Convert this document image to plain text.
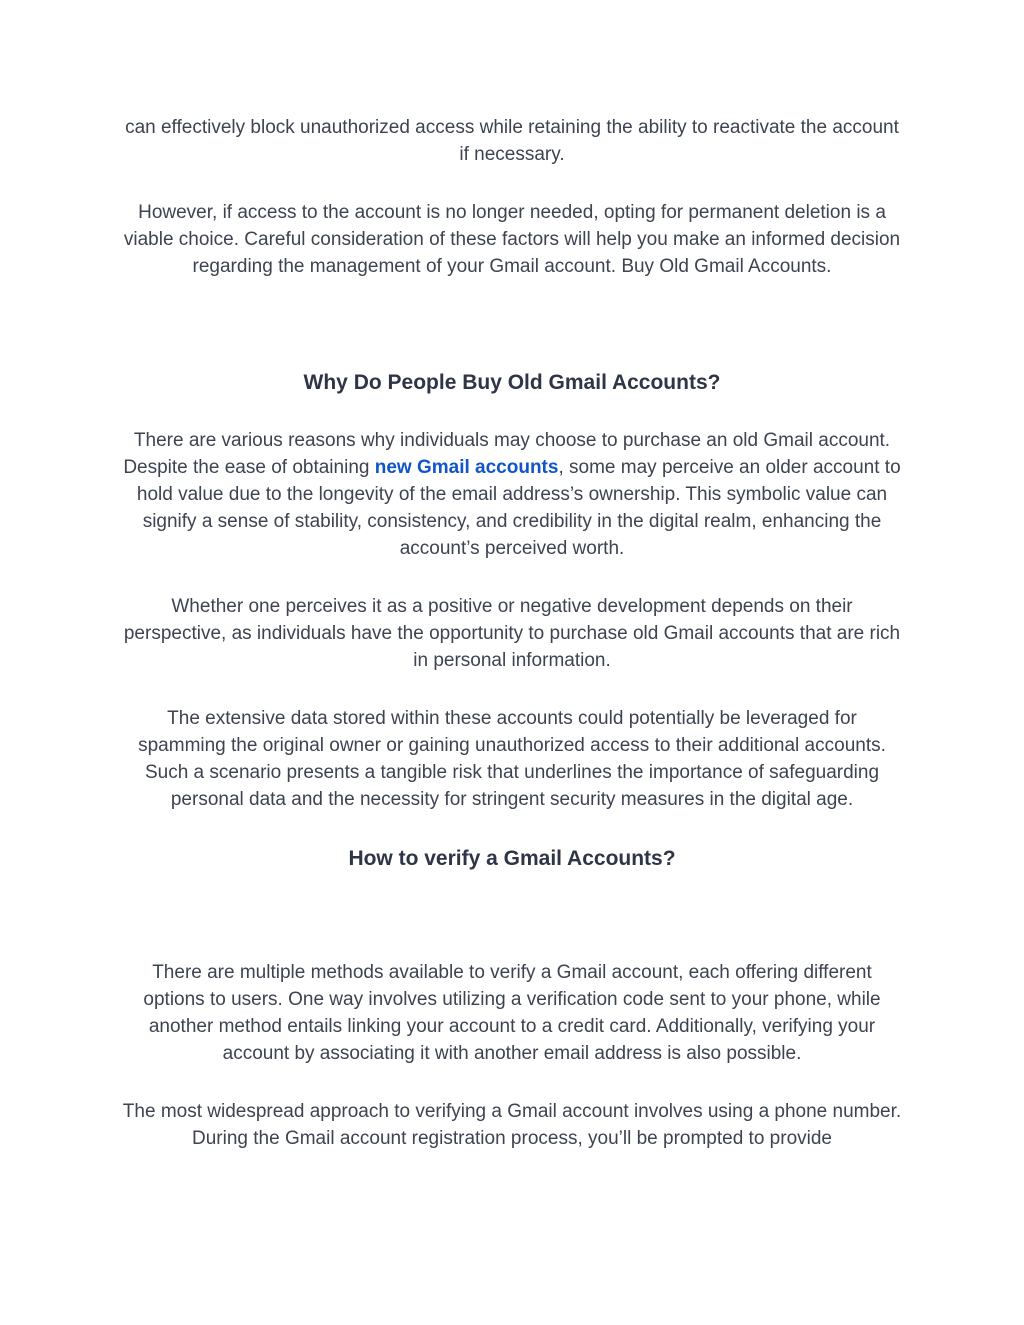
can effectively block unauthorized access while retaining the ability to reactivate the account if necessary.

However, if access to the account is no longer needed, opting for permanent deletion is a viable choice. Careful consideration of these factors will help you make an informed decision regarding the management of your Gmail account. Buy Old Gmail Accounts.

Why Do People Buy Old Gmail Accounts?

There are various reasons why individuals may choose to purchase an old Gmail account. Despite the ease of obtaining new Gmail accounts, some may perceive an older account to hold value due to the longevity of the email address’s ownership. This symbolic value can signify a sense of stability, consistency, and credibility in the digital realm, enhancing the account’s perceived worth.

Whether one perceives it as a positive or negative development depends on their perspective, as individuals have the opportunity to purchase old Gmail accounts that are rich in personal information.

The extensive data stored within these accounts could potentially be leveraged for spamming the original owner or gaining unauthorized access to their additional accounts. Such a scenario presents a tangible risk that underlines the importance of safeguarding personal data and the necessity for stringent security measures in the digital age.

How to verify a Gmail Accounts?

There are multiple methods available to verify a Gmail account, each offering different options to users. One way involves utilizing a verification code sent to your phone, while another method entails linking your account to a credit card. Additionally, verifying your account by associating it with another email address is also possible.

The most widespread approach to verifying a Gmail account involves using a phone number. During the Gmail account registration process, you’ll be prompted to provide
